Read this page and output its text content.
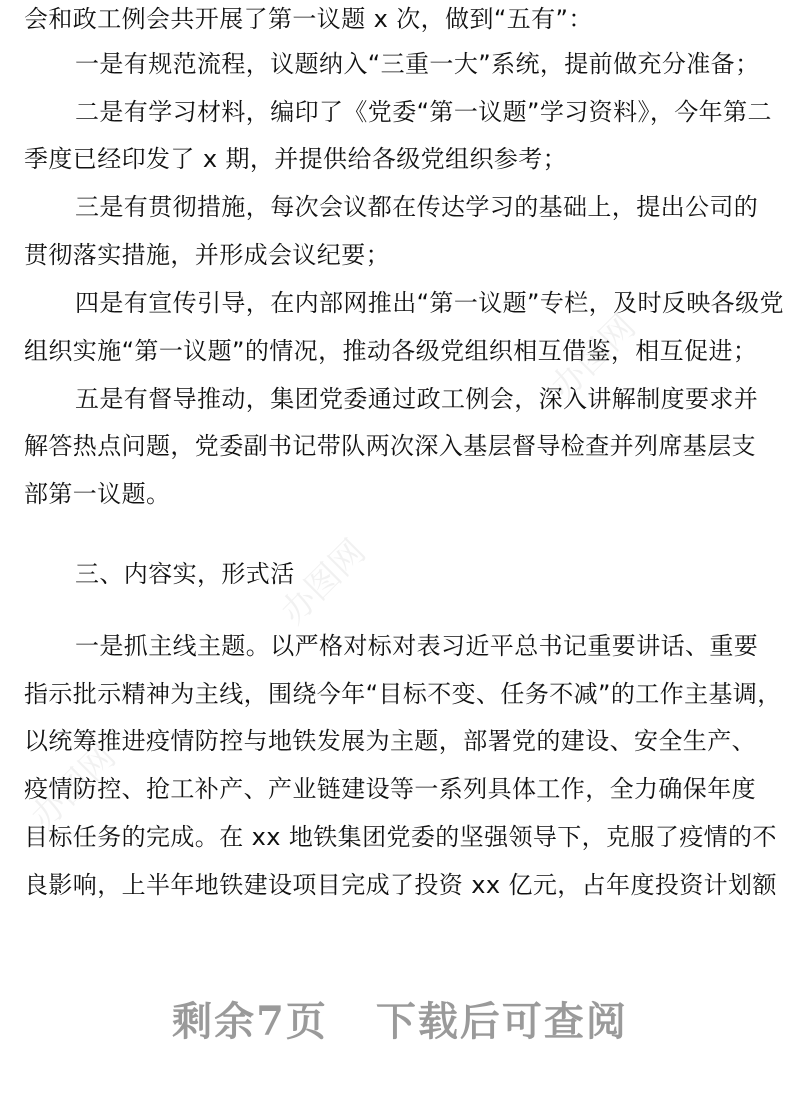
办图网
办图网
办图网
会和政工例会共开展了第一议题 x 次，做到“五有”：
一是有规范流程，议题纳入“三重一大”系统，提前做充分准备；
二是有学习材料，编印了《党委“第一议题”学习资料》，今年第二
季度已经印发了 x 期，并提供给各级党组织参考；
三是有贯彻措施，每次会议都在传达学习的基础上，提出公司的
贯彻落实措施，并形成会议纪要；
四是有宣传引导，在内部网推出“第一议题”专栏，及时反映各级党
组织实施“第一议题”的情况，推动各级党组织相互借鉴，相互促进；
五是有督导推动，集团党委通过政工例会，深入讲解制度要求并
解答热点问题，党委副书记带队两次深入基层督导检查并列席基层支
部第一议题。
三、内容实，形式活
一是抓主线主题。以严格对标对表习近平总书记重要讲话、重要
指示批示精神为主线，围绕今年“目标不变、任务不减”的工作主基调，
以统筹推进疫情防控与地铁发展为主题，部署党的建设、安全生产、
疫情防控、抢工补产、产业链建设等一系列具体工作，全力确保年度
目标任务的完成。在 xx 地铁集团党委的坚强领导下，克服了疫情的不
良影响，上半年地铁建设项目完成了投资 xx 亿元，占年度投资计划额
剩余7页 下载后可查阅
